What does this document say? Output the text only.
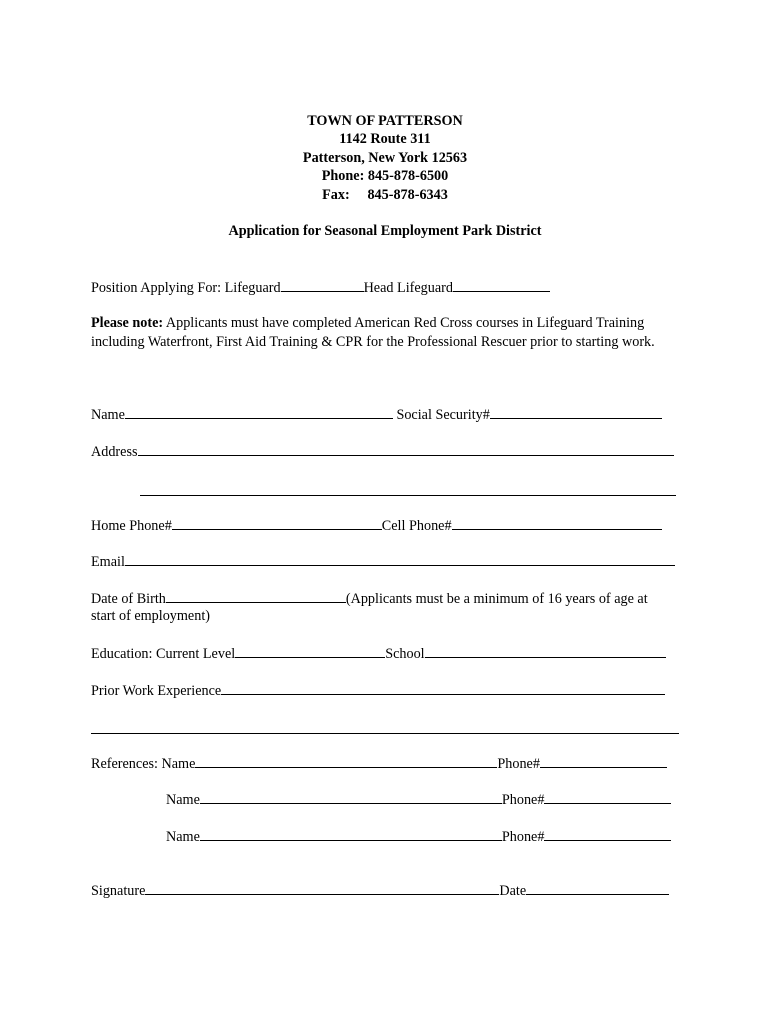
TOWN OF PATTERSON
1142 Route 311
Patterson, New York 12563
Phone: 845-878-6500
Fax:     845-878-6343
Application for Seasonal Employment Park District
Position Applying For: Lifeguard	Head Lifeguard
Please note: Applicants must have completed American Red Cross courses in Lifeguard Training including Waterfront, First Aid Training & CPR for the Professional Rescuer prior to starting work.
Name	Social Security#
Address
Home Phone#	Cell Phone#
Email
Date of Birth	(Applicants must be a minimum of 16 years of age at
start of employment)
Education: Current Level	School
Prior Work Experience
References: Name	Phone#
Name	Phone#
Name	Phone#
Signature	Date
